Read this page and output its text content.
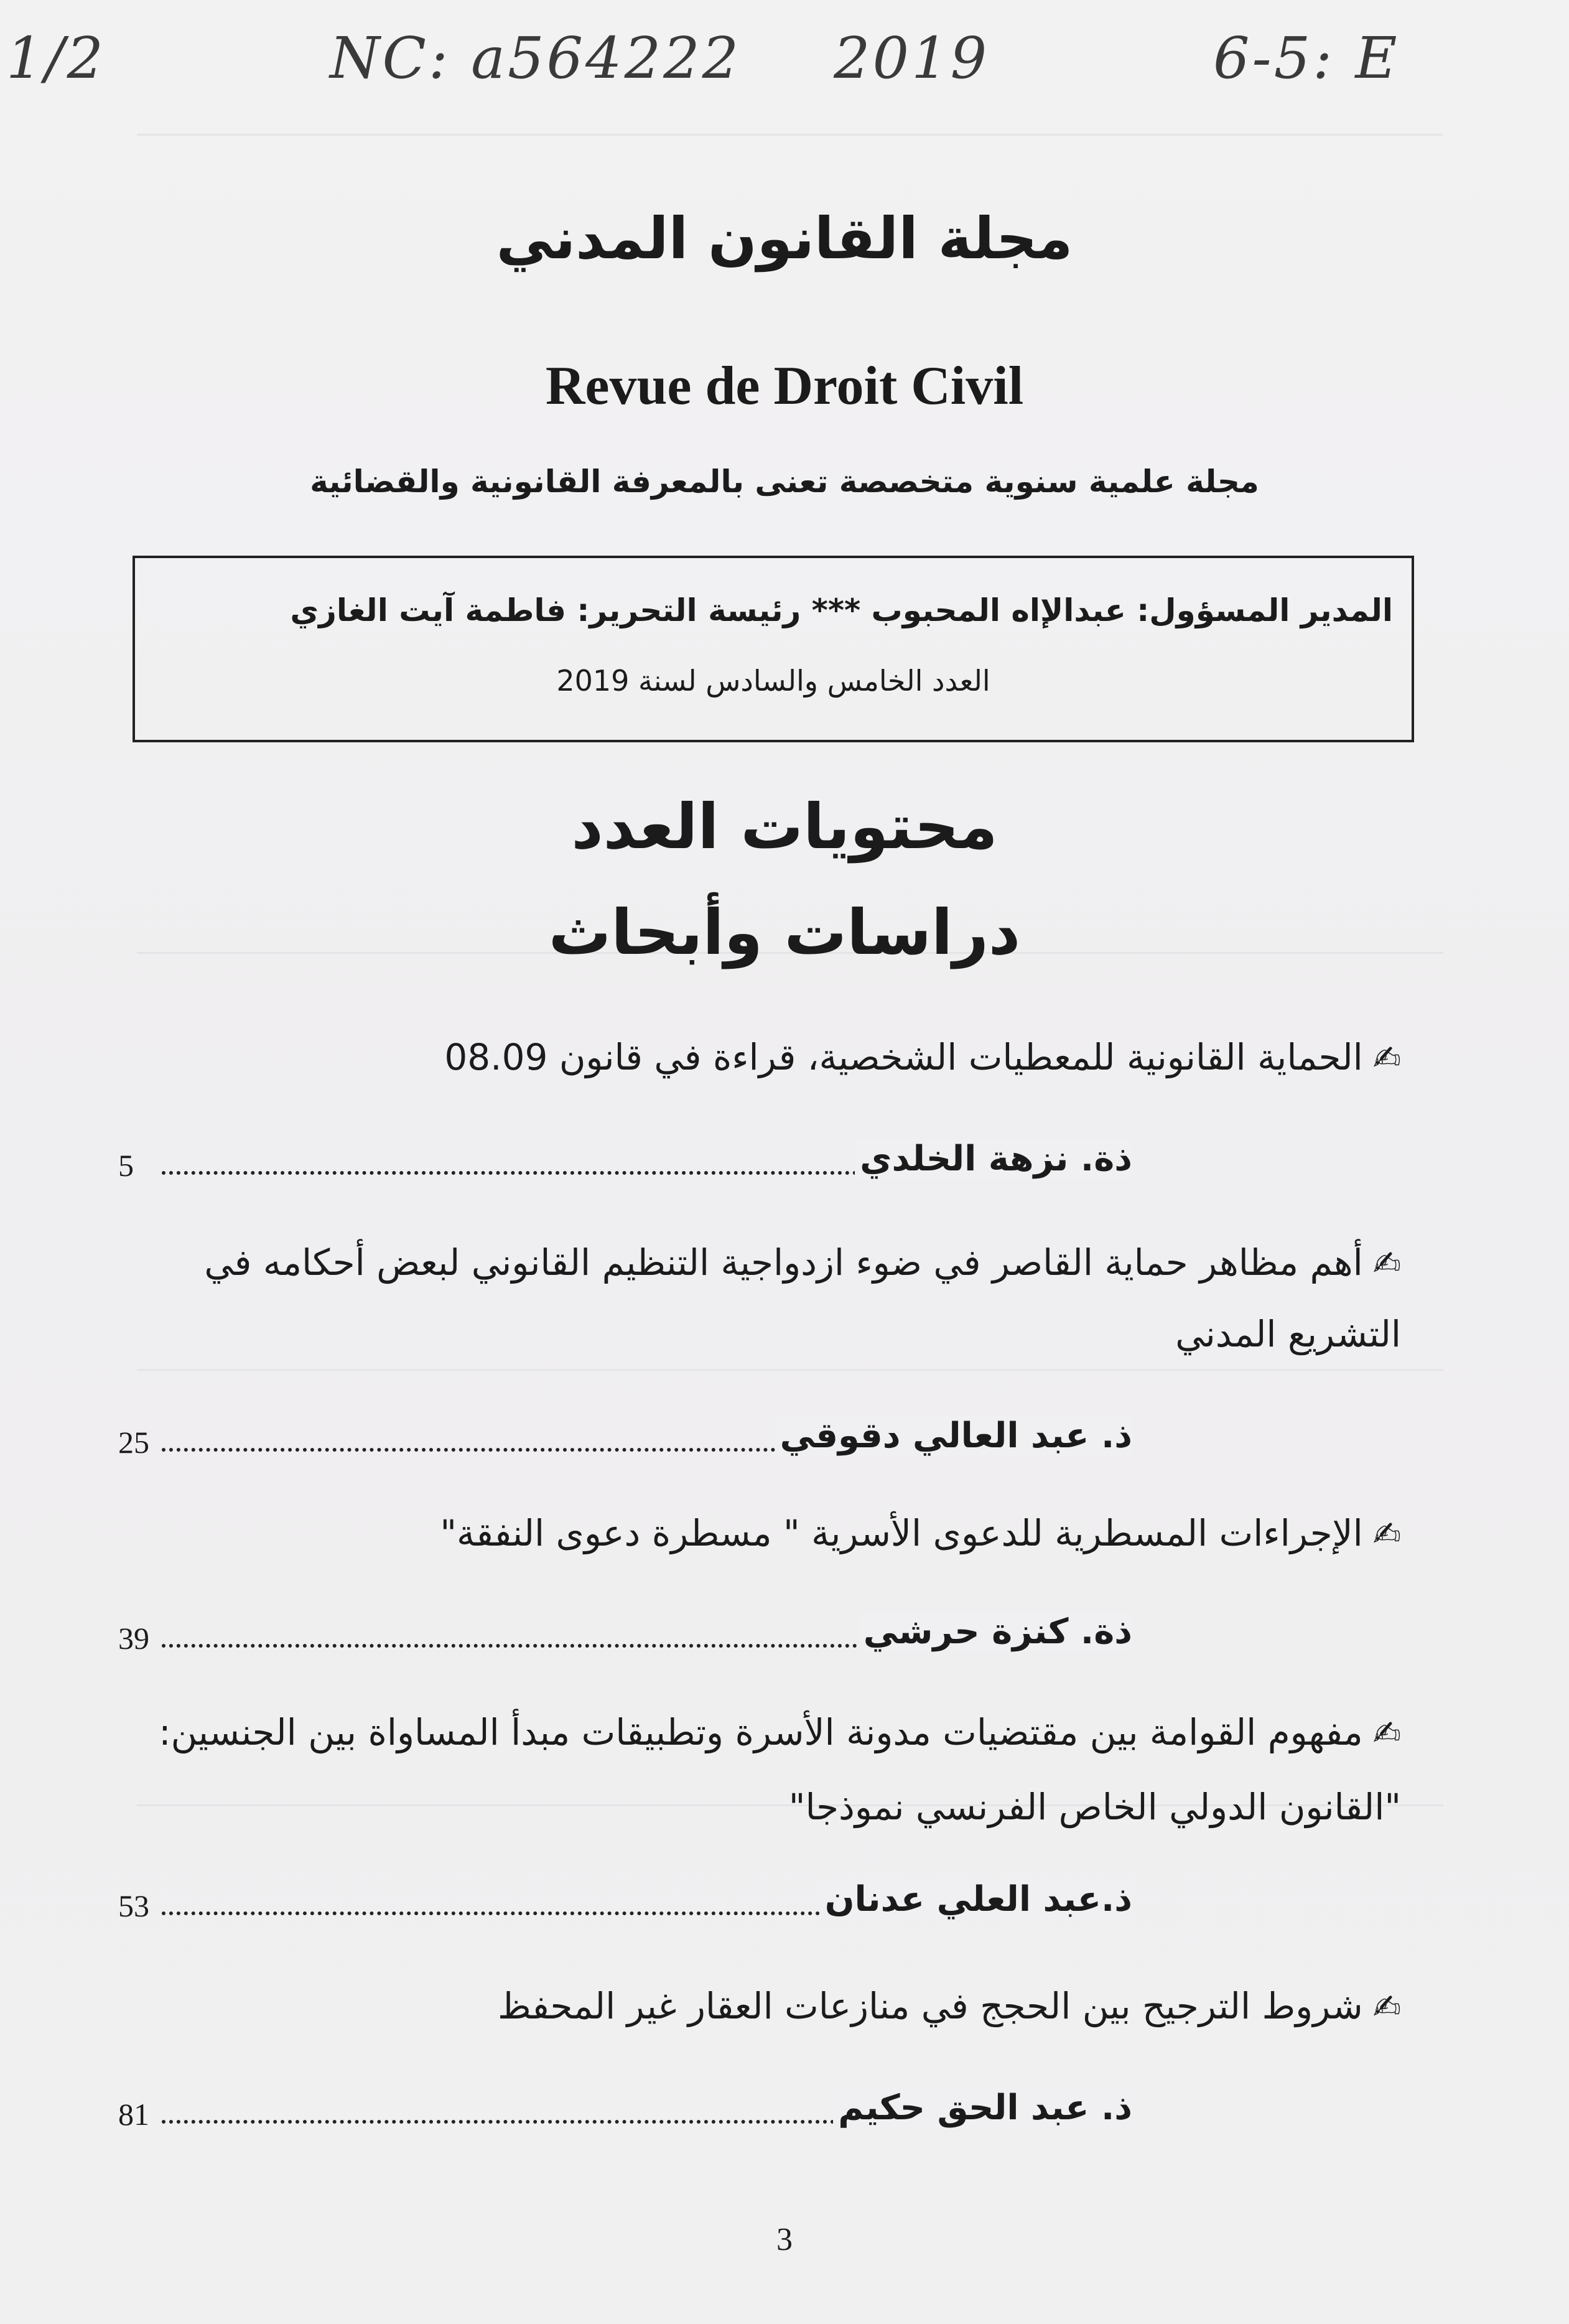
1/2	NC: a564222 2019	6-5: E
مجلة القانون المدني
Revue de Droit Civil
مجلة علمية سنوية متخصصة تعنى بالمعرفة القانونية والقضائية
المدير المسؤول: عبدالإاه المحبوب *** رئيسة التحرير: فاطمة آيت الغازي
العدد الخامس والسادس لسنة 2019
محتويات العدد
دراسات وأبحاث
✍الحماية القانونية للمعطيات الشخصية، قراءة في قانون 08.09
ذة. نزهة الخلدي
5
✍أهم مظاهر حماية القاصر في ضوء ازدواجية التنظيم القانوني لبعض أحكامه في
التشريع المدني
ذ. عبد العالي دقوقي
25
✍الإجراءات المسطرية للدعوى الأسرية " مسطرة دعوى النفقة"
ذة. كنزة حرشي
39
✍مفهوم القوامة بين مقتضيات مدونة الأسرة وتطبيقات مبدأ المساواة بين الجنسين:
"القانون الدولي الخاص الفرنسي نموذجا"
ذ.عبد العلي عدنان
53
✍شروط الترجيح بين الحجج في منازعات العقار غير المحفظ
ذ. عبد الحق حكيم
81
3
